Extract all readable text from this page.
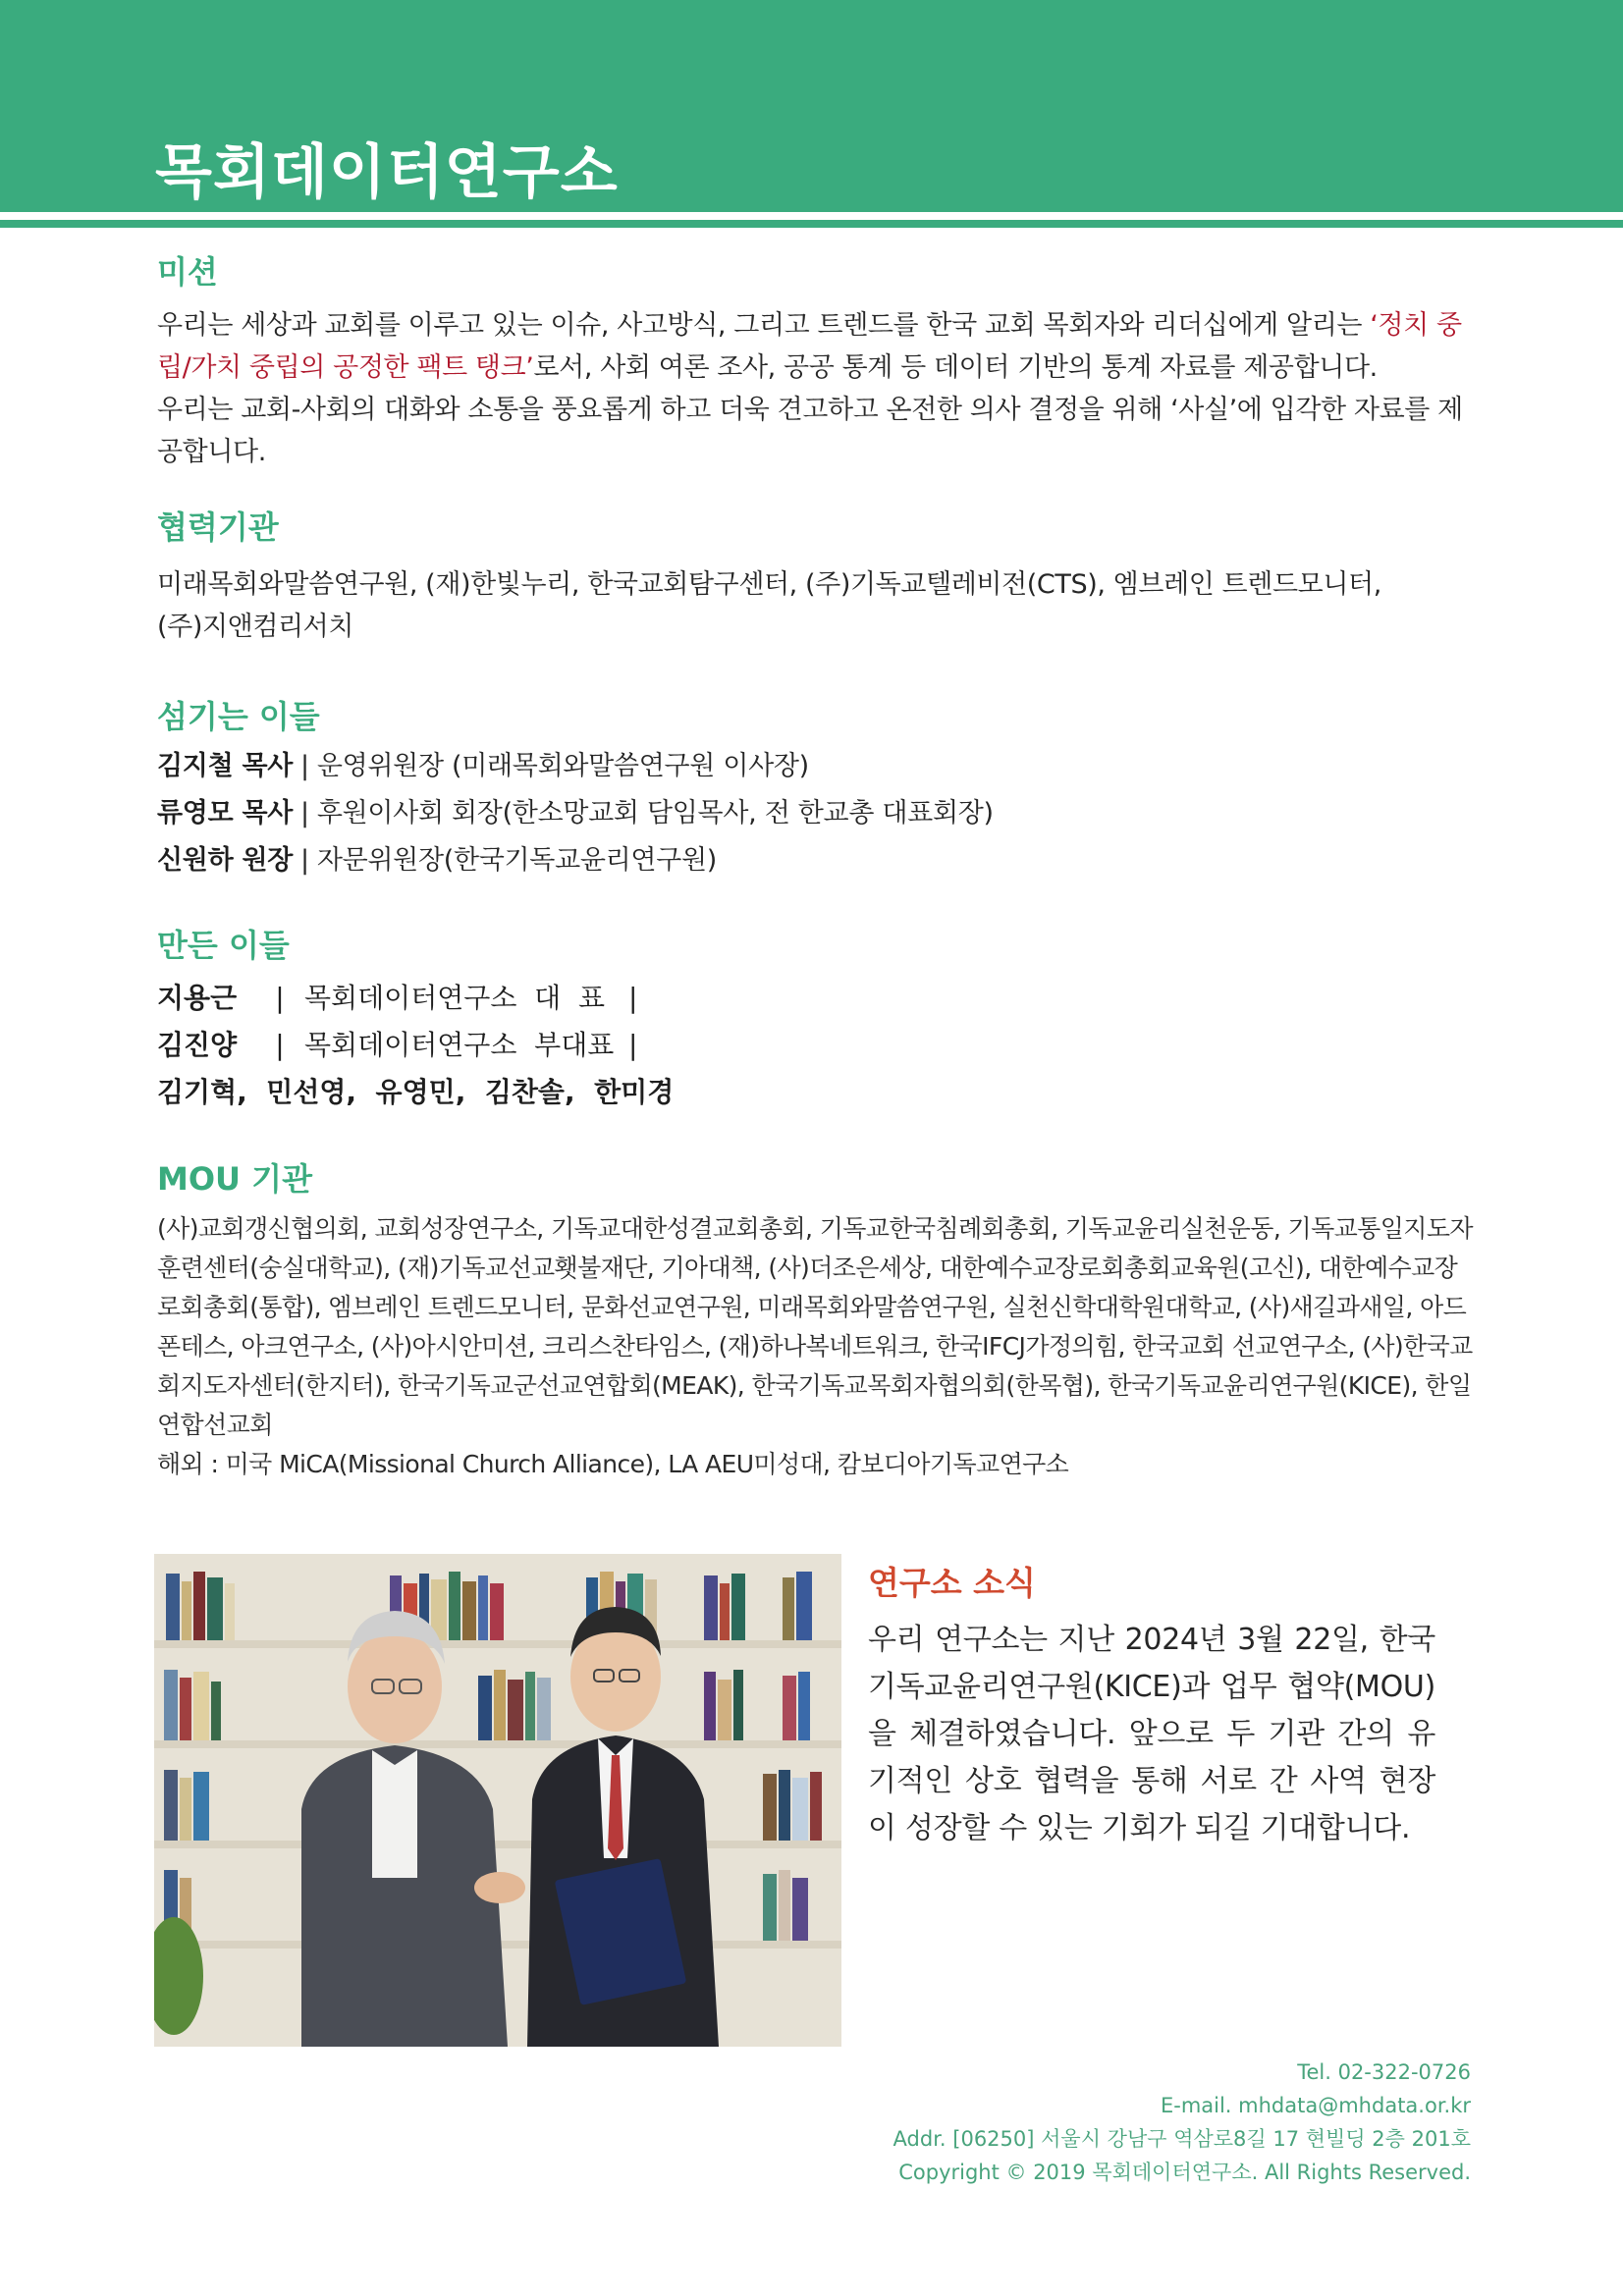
목회데이터연구소
미션
우리는 세상과 교회를 이루고 있는 이슈, 사고방식, 그리고 트렌드를 한국 교회 목회자와 리더십에게 알리는 ‘정치 중립/가치 중립의 공정한 팩트 탱크’로서, 사회 여론 조사, 공공 통계 등 데이터 기반의 통계 자료를 제공합니다.
우리는 교회-사회의 대화와 소통을 풍요롭게 하고 더욱 견고하고 온전한 의사 결정을 위해 ‘사실’에 입각한 자료를 제공합니다.
협력기관
미래목회와말씀연구원, (재)한빛누리, 한국교회탐구센터, (주)기독교텔레비전(CTS), 엠브레인 트렌드모니터, (주)지앤컴리서치
섬기는 이들
김지철 목사 | 운영위원장 (미래목회와말씀연구원 이사장)
류영모 목사 | 후원이사회 회장(한소망교회 담임목사, 전 한교총 대표회장)
신원하 원장 | 자문위원장(한국기독교윤리연구원)
만든 이들
지용근 | 목회데이터연구소  대  표 |
김진양 | 목회데이터연구소  부대표 |
김기혁,  민선영,  유영민,  김찬솔,  한미경
MOU 기관
(사)교회갱신협의회, 교회성장연구소, 기독교대한성결교회총회, 기독교한국침례회총회, 기독교윤리실천운동, 기독교통일지도자훈련센터(숭실대학교), (재)기독교선교횃불재단, 기아대책, (사)더조은세상, 대한예수교장로회총회교육원(고신), 대한예수교장로회총회(통합), 엠브레인 트렌드모니터, 문화선교연구원, 미래목회와말씀연구원, 실천신학대학원대학교, (사)새길과새일, 아드폰테스, 아크연구소, (사)아시안미션, 크리스찬타임스, (재)하나복네트워크, 한국IFCJ가정의힘, 한국교회 선교연구소, (사)한국교회지도자센터(한지터), 한국기독교군선교연합회(MEAK), 한국기독교목회자협의회(한목협), 한국기독교윤리연구원(KICE), 한일연합선교회
해외 : 미국 MiCA(Missional Church Alliance), LA AEU미성대, 캄보디아기독교연구소
연구소 소식
우리 연구소는 지난 2024년 3월 22일, 한국기독교윤리연구원(KICE)과 업무 협약(MOU)을 체결하였습니다. 앞으로 두 기관 간의 유기적인 상호 협력을 통해 서로 간 사역 현장이 성장할 수 있는 기회가 되길 기대합니다.
Tel. 02-322-0726
E-mail. mhdata@mhdata.or.kr
Addr. [06250] 서울시 강남구 역삼로8길 17 현빌딩 2층 201호
Copyright © 2019 목회데이터연구소. All Rights Reserved.
